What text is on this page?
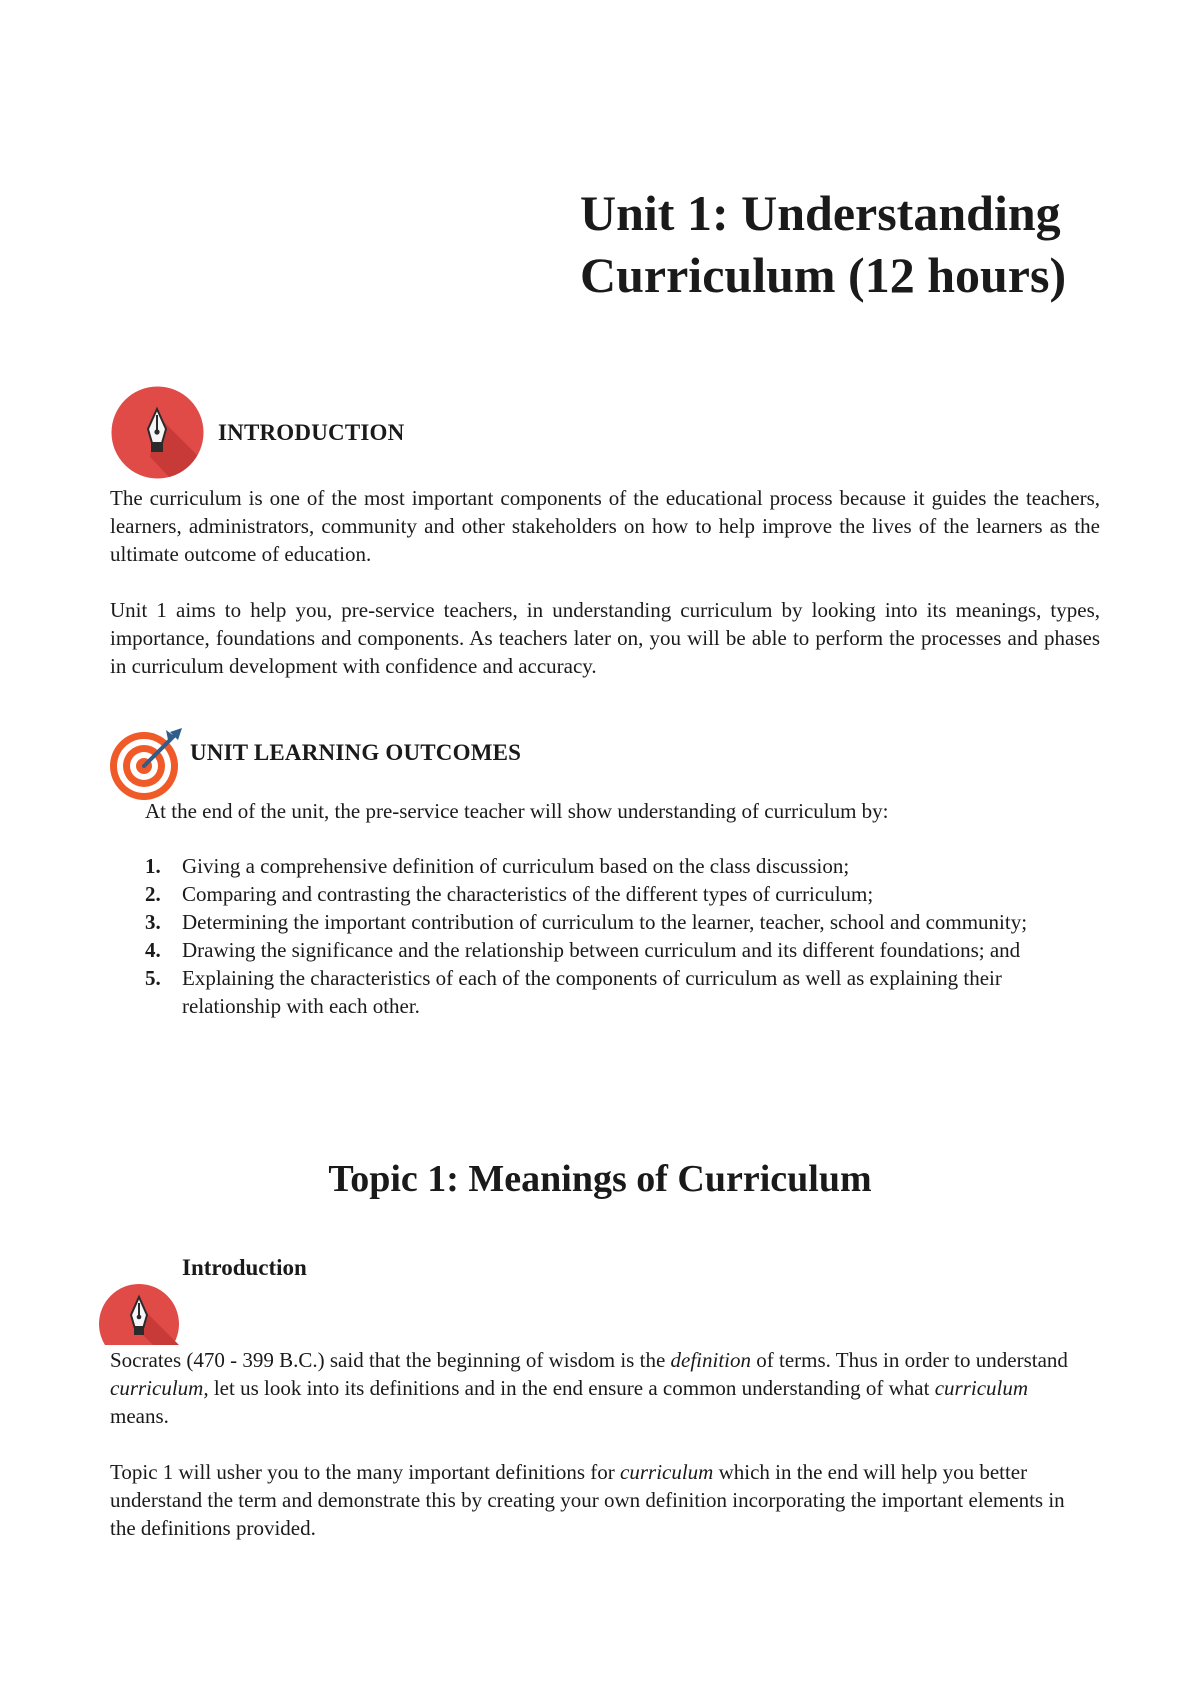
Unit 1: Understanding
Curriculum (12 hours)
INTRODUCTION

The curriculum is one of the most important components of the educational process because it guides the teachers, learners, administrators, community and other stakeholders on how to help improve the lives of the learners as the ultimate outcome of education.

Unit 1 aims to help you, pre-service teachers, in understanding curriculum by looking into its meanings, types, importance, foundations and components. As teachers later on, you will be able to perform the processes and phases in curriculum development with confidence and accuracy.

UNIT LEARNING OUTCOMES

At the end of the unit, the pre-service teacher will show understanding of curriculum by:

1. Giving a comprehensive definition of curriculum based on the class discussion;
2. Comparing and contrasting the characteristics of the different types of curriculum;
3. Determining the important contribution of curriculum to the learner, teacher, school and community;
4. Drawing the significance and the relationship between curriculum and its different foundations; and
5. Explaining the characteristics of each of the components of curriculum as well as explaining their relationship with each other.
Topic 1: Meanings of Curriculum
Introduction

Socrates (470 - 399 B.C.) said that the beginning of wisdom is the definition of terms. Thus in order to understand curriculum, let us look into its definitions and in the end ensure a common understanding of what curriculum means.

Topic 1 will usher you to the many important definitions for curriculum which in the end will help you better understand the term and demonstrate this by creating your own definition incorporating the important elements in the definitions provided.
